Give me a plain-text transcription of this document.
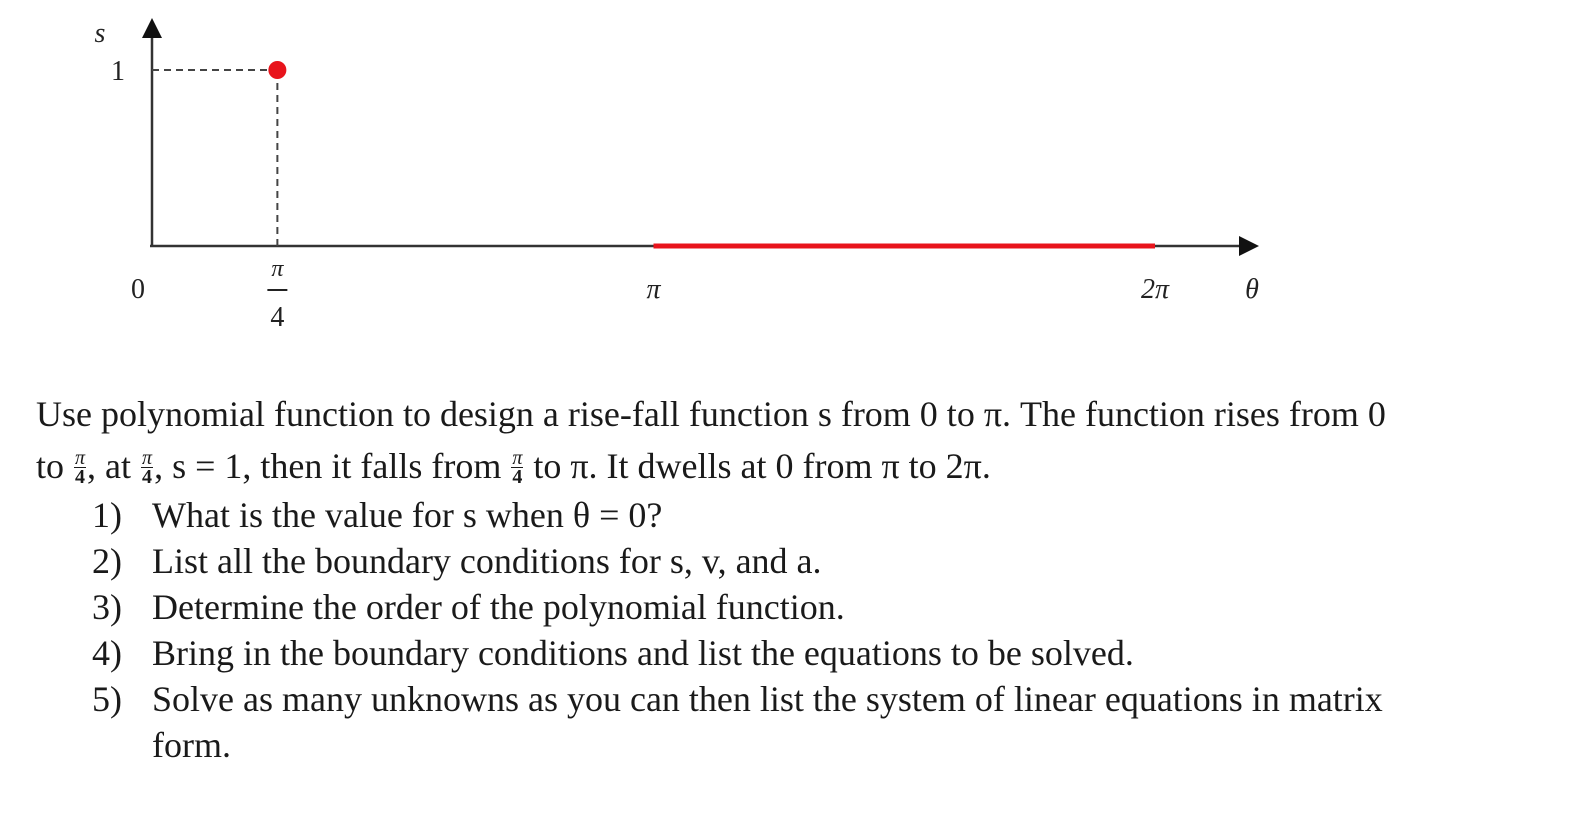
1
0
π
4
π	2π
s
θ
Use polynomial function to design a rise-fall function s from 0 to π. The function rises from 0
to $\frac{\pi}{4}$ , at $\frac{\pi}{4}$ , s = 1, then it falls from $\frac{\pi}{4}$ to π. It dwells at 0 from π to 2π.
1) What is the value for s when θ = 0?
2) List all the boundary conditions for s, v, and a.
3) Determine the order of the polynomial function.
4) Bring in the boundary conditions and list the equations to be solved.
5) Solve as many unknowns as you can then list the system of linear equations in matrix
form.
